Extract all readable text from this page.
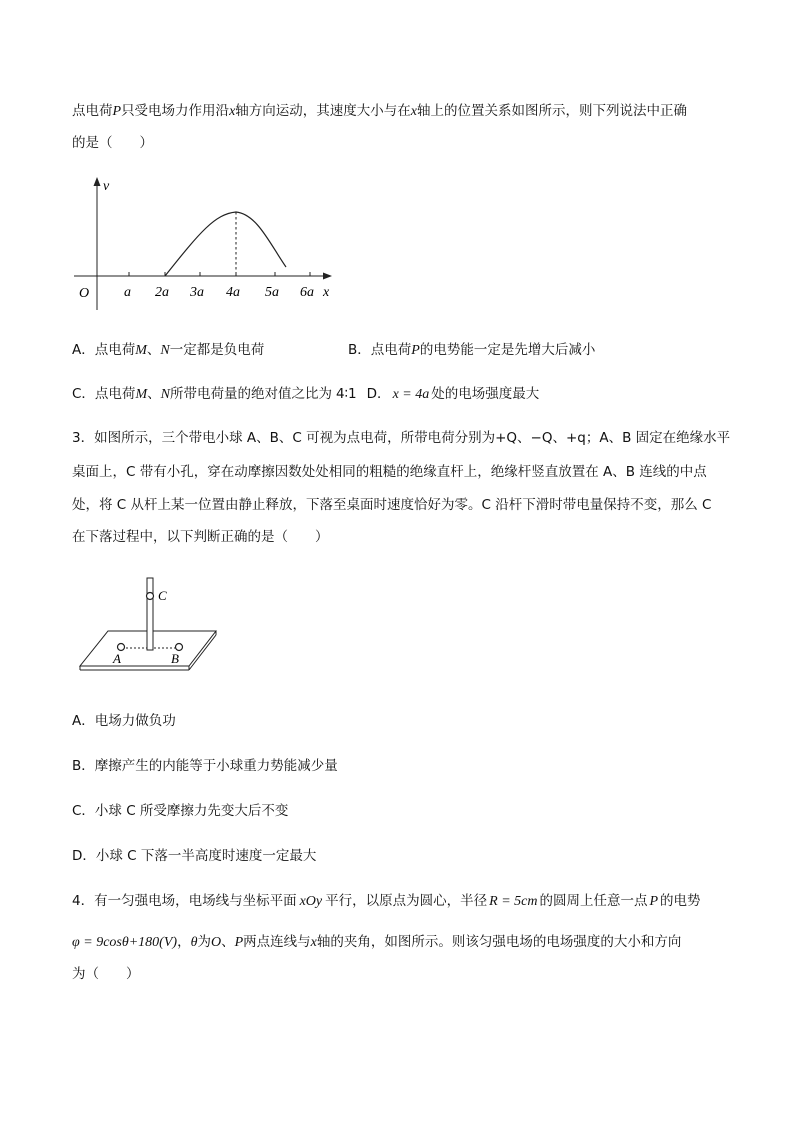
点电荷P只受电场力作用沿x轴方向运动，其速度大小与在x轴上的位置关系如图所示，则下列说法中正确
的是（　　）
v
x
O a 2a 3a 4a 5a 6a
A．点电荷M、N一定都是负电荷	B．点电荷P的电势能一定是先增大后减小
C．点电荷M、N所带电荷量的绝对值之比为 4∶1 D． x = 4a 处的电场强度最大
3．如图所示，三个带电小球 A、B、C 可视为点电荷，所带电荷分别为+Q、−Q、+q；A、B 固定在绝缘水平
桌面上，C 带有小孔，穿在动摩擦因数处处相同的粗糙的绝缘直杆上，绝缘杆竖直放置在 A、B 连线的中点
处，将 C 从杆上某一位置由静止释放，下落至桌面时速度恰好为零。C 沿杆下滑时带电量保持不变，那么 C
在下落过程中，以下判断正确的是（　　）
C
A	B
A．电场力做负功
B．摩擦产生的内能等于小球重力势能减少量
C．小球 C 所受摩擦力先变大后不变
D．小球 C 下落一半高度时速度一定最大
4．有一匀强电场，电场线与坐标平面 xOy 平行，以原点为圆心，半径 R = 5cm 的圆周上任意一点 P 的电势
φ = 9cosθ+180(V)，θ为O、P两点连线与x轴的夹角，如图所示。则该匀强电场的电场强度的大小和方向
为（　　）
